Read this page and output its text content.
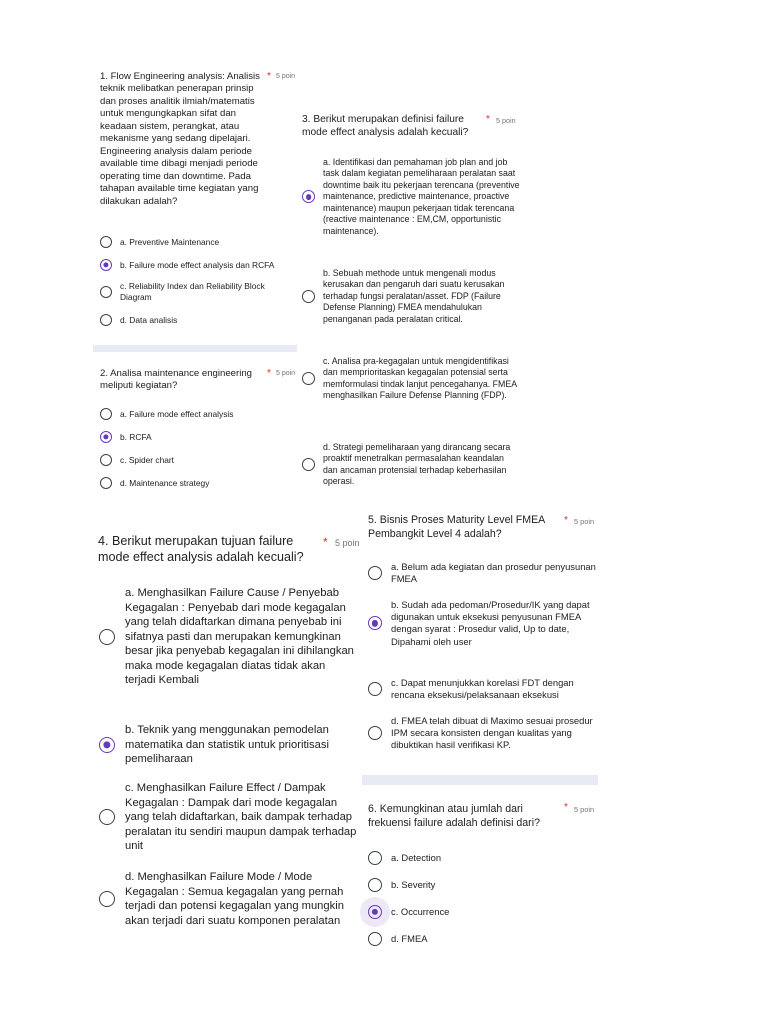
1. Flow Engineering analysis: Analisis teknik melibatkan penerapan prinsip dan proses analitik ilmiah/matematis untuk mengungkapkan sifat dan keadaan sistem, perangkat, atau mekanisme yang sedang dipelajari. Engineering analysis dalam periode available time dibagi menjadi periode operating time dan downtime. Pada tahapan available time kegiatan yang dilakukan adalah?
* 5 poin
a. Preventive Maintenance
b. Failure mode effect analysis dan RCFA
c. Reliability Index dan Reliability Block Diagram
d. Data analisis
2. Analisa maintenance engineering meliputi kegiatan?
* 5 poin
a. Failure mode effect analysis
b. RCFA
c. Spider chart
d. Maintenance strategy
3. Berikut merupakan definisi failure mode effect analysis adalah kecuali?
* 5 poin
a. Identifikasi dan pemahaman job plan and job task dalam kegiatan pemeliharaan peralatan saat downtime baik itu pekerjaan terencana (preventive maintenance, predictive maintenance, proactive maintenance) maupun pekerjaan tidak terencana (reactive maintenance : EM,CM, opportunistic maintenance).
b. Sebuah methode untuk mengenali modus kerusakan dan pengaruh dari suatu kerusakan terhadap fungsi peralatan/asset. FDP (Failure Defense Planning) FMEA mendahulukan penanganan pada peralatan critical.
c. Analisa pra-kegagalan untuk mengidentifikasi dan memprioritaskan kegagalan potensial serta memformulasi tindak lanjut pencegahanya. FMEA menghasilkan Failure Defense Planning (FDP).
d. Strategi pemeliharaan yang dirancang secara proaktif menetralkan permasalahan keandalan dan ancaman protensial terhadap keberhasilan operasi.
4. Berikut merupakan tujuan failure mode effect analysis adalah kecuali?
* 5 poin
a. Menghasilkan Failure Cause / Penyebab Kegagalan : Penyebab dari mode kegagalan yang telah didaftarkan dimana penyebab ini sifatnya pasti dan merupakan kemungkinan besar jika penyebab kegagalan ini dihilangkan maka mode kegagalan diatas tidak akan terjadi Kembali
b. Teknik yang menggunakan pemodelan matematika dan statistik untuk prioritisasi pemeliharaan
c. Menghasilkan Failure Effect / Dampak Kegagalan : Dampak dari mode kegagalan yang telah didaftarkan, baik dampak terhadap peralatan itu sendiri maupun dampak terhadap unit
d. Menghasilkan Failure Mode / Mode Kegagalan : Semua kegagalan yang pernah terjadi dan potensi kegagalan yang mungkin akan terjadi dari suatu komponen peralatan
5. Bisnis Proses Maturity Level FMEA Pembangkit Level 4 adalah?
* 5 poin
a. Belum ada kegiatan dan prosedur penyusunan FMEA
b. Sudah ada pedoman/Prosedur/IK yang dapat digunakan untuk eksekusi penyusunan FMEA dengan syarat : Prosedur valid, Up to date, Dipahami oleh user
c. Dapat menunjukkan korelasi FDT dengan rencana eksekusi/pelaksanaan eksekusi
d. FMEA telah dibuat di Maximo sesuai prosedur IPM secara konsisten dengan kualitas yang dibuktikan hasil verifikasi KP.
6. Kemungkinan atau jumlah dari frekuensi failure adalah definisi dari?
* 5 poin
a. Detection
b. Severity
c. Occurrence
d. FMEA
